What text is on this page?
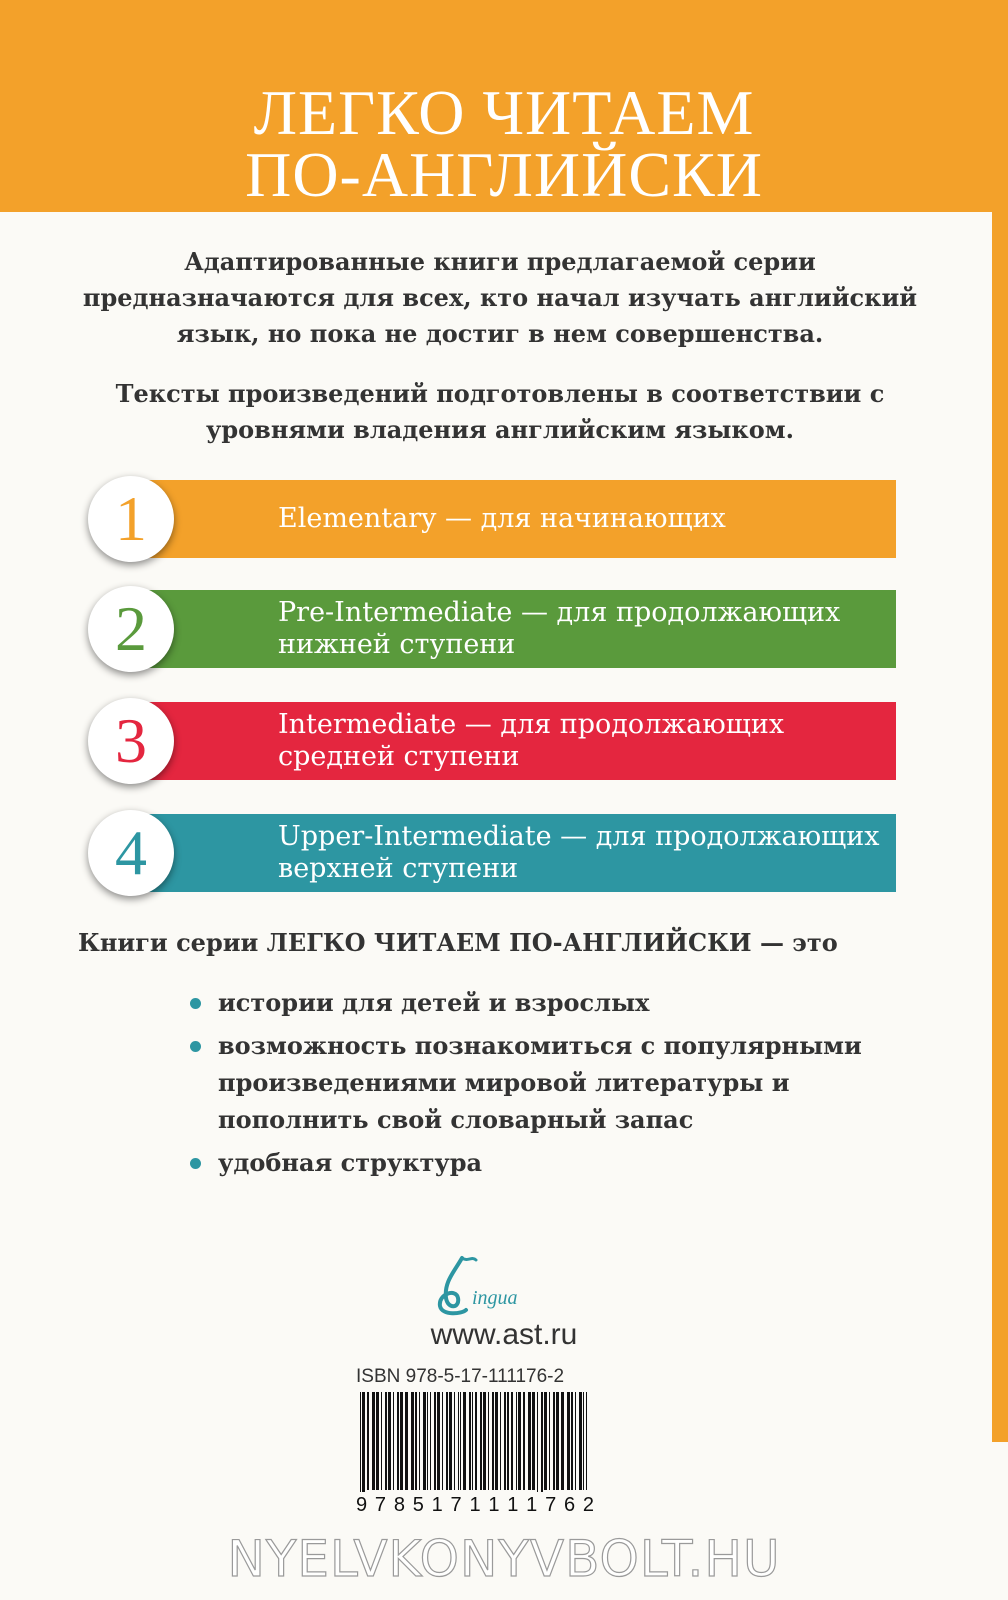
ЛЕГКО ЧИТАЕМ
ПО-АНГЛИЙСКИ
Адаптированные книги предлагаемой серии предназначаются для всех, кто начал изучать английский язык, но пока не достиг в нем совершенства.
Тексты произведений подготовлены в соответствии с уровнями владения английским языком.
1	Elementary — для начинающих
2	Pre-Intermediate — для продолжающих
нижней ступени
3	Intermediate — для продолжающих
средней ступени
4	Upper-Intermediate — для продолжающих
верхней ступени
Книги серии ЛЕГКО ЧИТАЕМ ПО-АНГЛИЙСКИ — это
истории для детей и взрослых
возможность познакомиться с популярными произведениями мировой литературы и пополнить свой словарный запас
удобная структура
ingua
www.ast.ru
ISBN 978-5-17-111176-2
9 7 8 5 1 7 1 1 1 1 7 6 2
NYELVKONYVBOLT.HU
